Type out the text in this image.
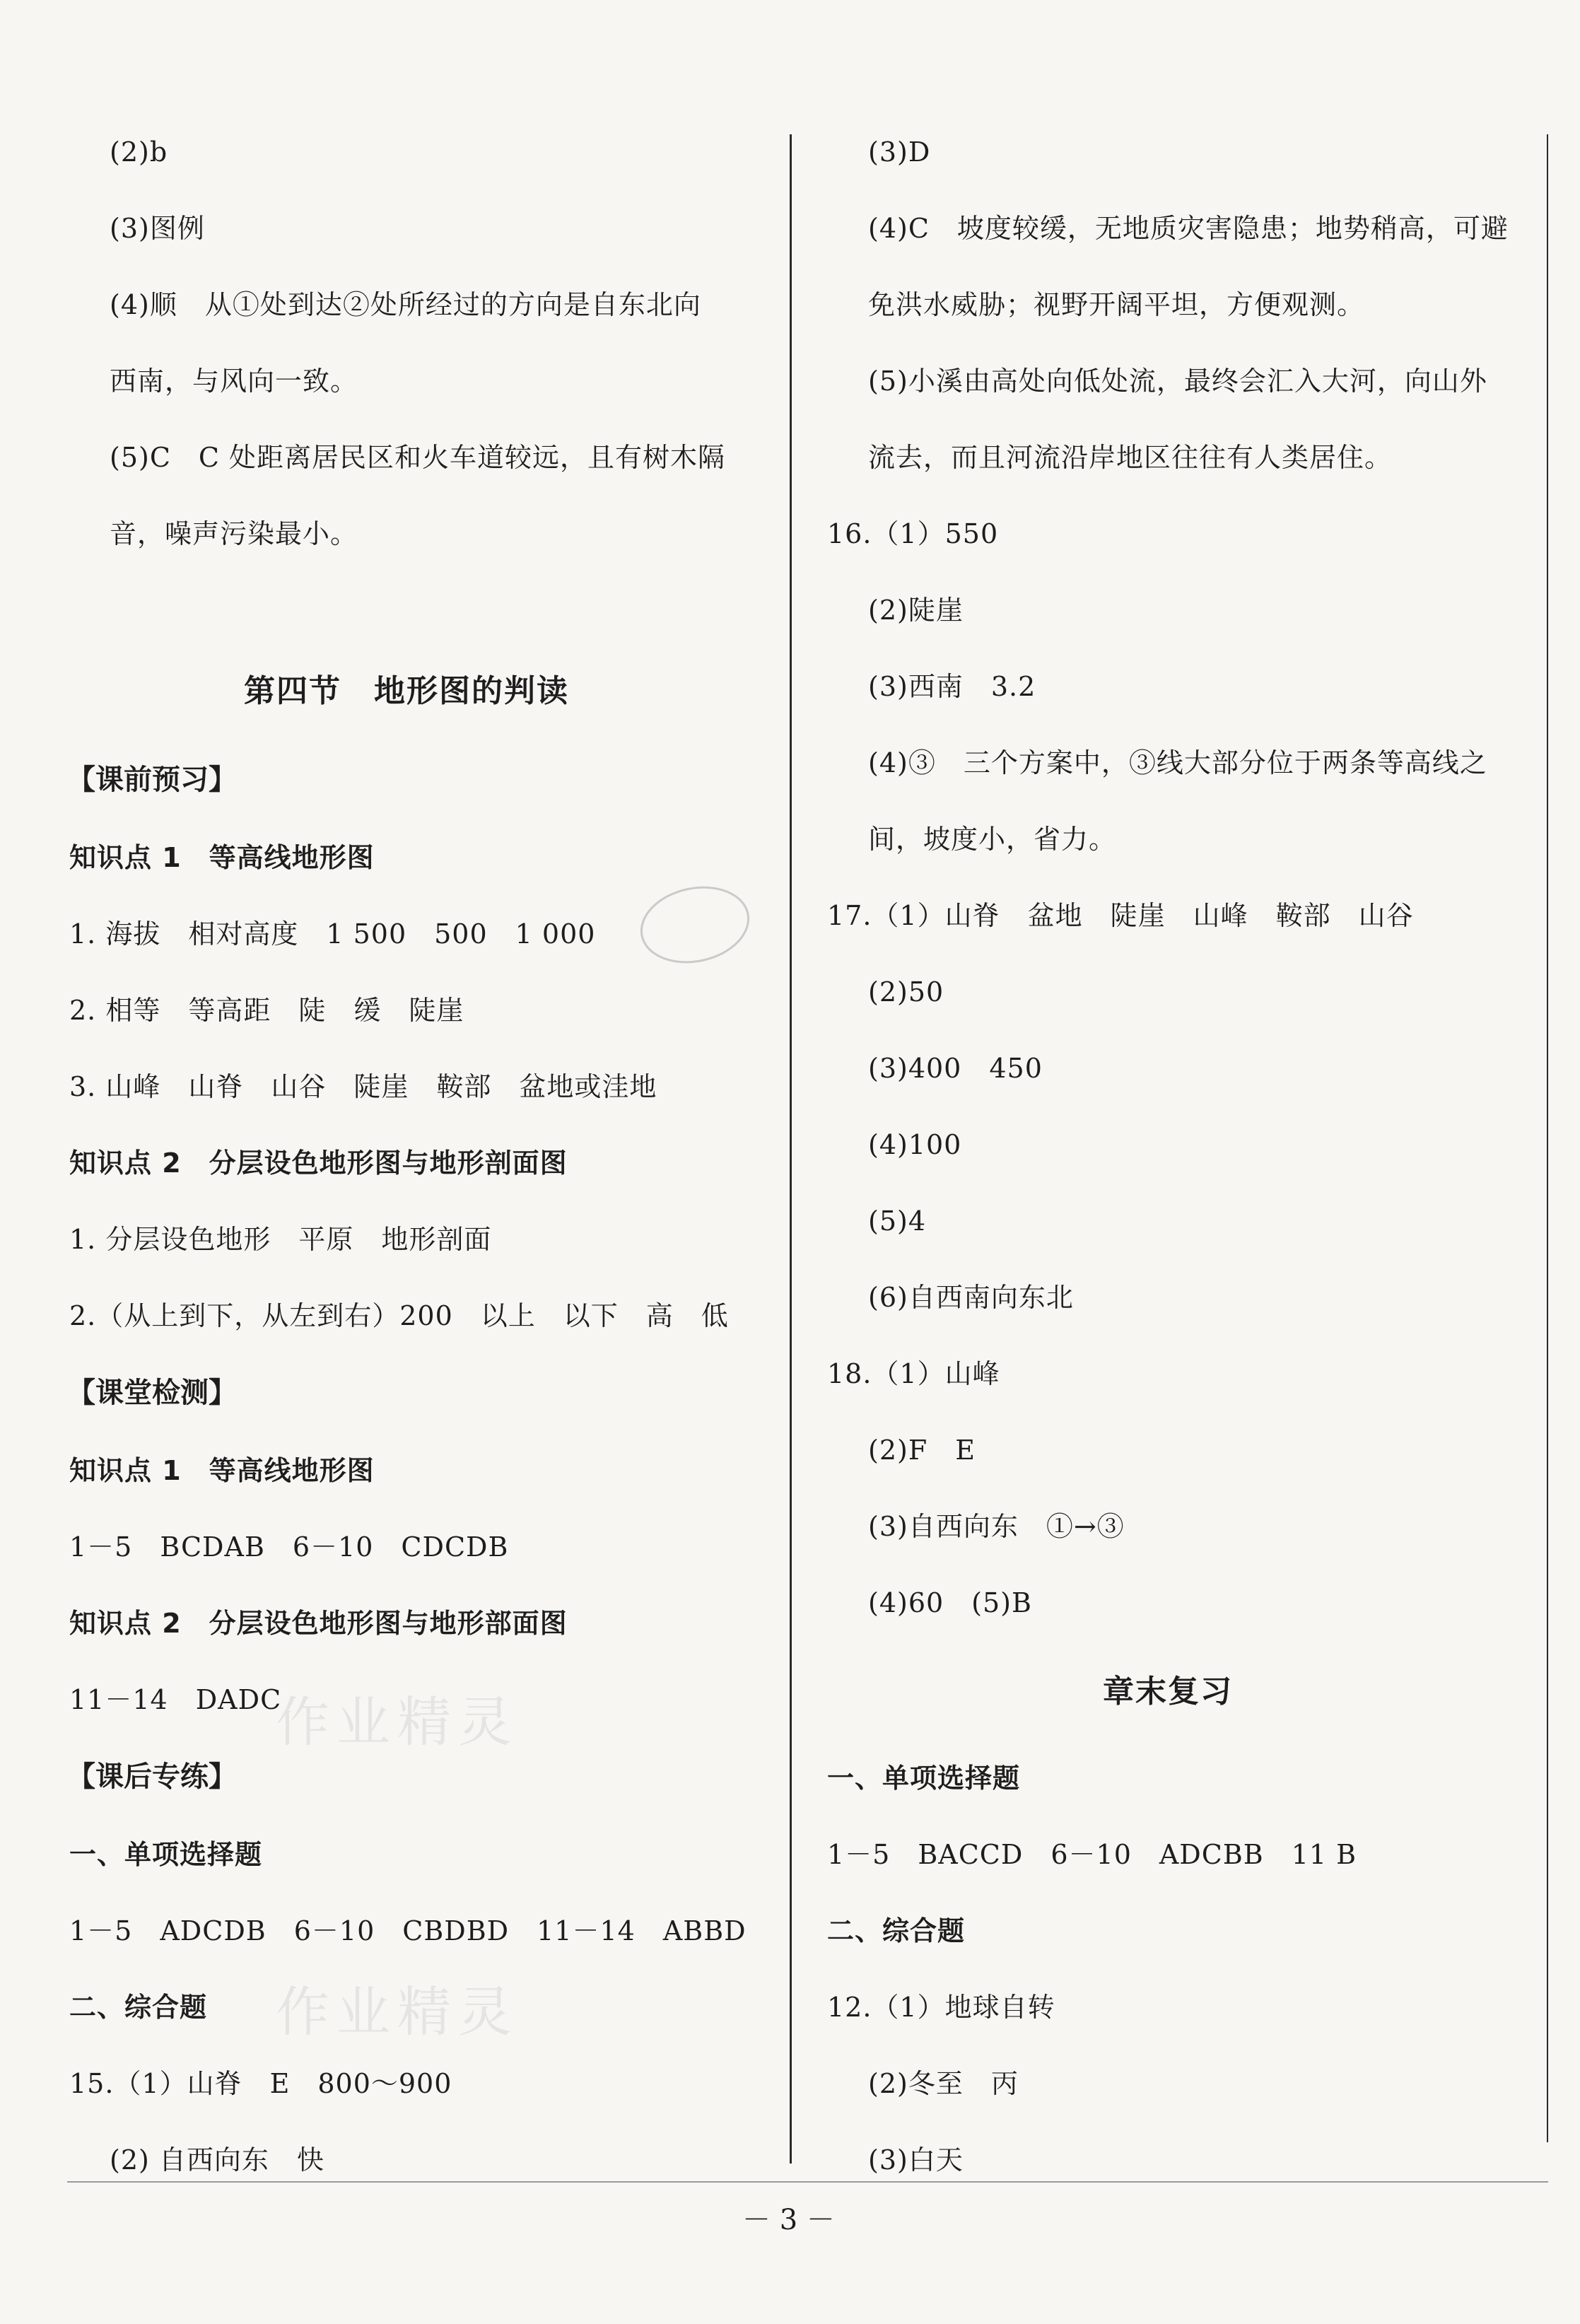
(2)b
(3)图例
(4)顺　从①处到达②处所经过的方向是自东北向
西南，与风向一致。
(5)C　C 处距离居民区和火车道较远，且有树木隔
音，噪声污染最小。
第四节　地形图的判读
【课前预习】
知识点 1　等高线地形图
1. 海拔　相对高度　1 500　500　1 000
2. 相等　等高距　陡　缓　陡崖
3. 山峰　山脊　山谷　陡崖　鞍部　盆地或洼地
知识点 2　分层设色地形图与地形剖面图
1. 分层设色地形　平原　地形剖面
2.（从上到下，从左到右）200　以上　以下　高　低
【课堂检测】
知识点 1　等高线地形图
1－5　BCDAB　6－10　CDCDB
知识点 2　分层设色地形图与地形部面图
11－14　DADC
【课后专练】
一、单项选择题
1－5　ADCDB　6－10　CBDBD　11－14　ABBD
二、综合题
15.（1）山脊　E　800～900
(2) 自西向东　快
作业精灵
作业精灵
(3)D
(4)C　坡度较缓，无地质灾害隐患；地势稍高，可避
免洪水威胁；视野开阔平坦，方便观测。
(5)小溪由高处向低处流，最终会汇入大河，向山外
流去，而且河流沿岸地区往往有人类居住。
16.（1）550
(2)陡崖
(3)西南　3.2
(4)③　三个方案中，③线大部分位于两条等高线之
间，坡度小，省力。
17.（1）山脊　盆地　陡崖　山峰　鞍部　山谷
(2)50
(3)400　450
(4)100
(5)4
(6)自西南向东北
18.（1）山峰
(2)F　E
(3)自西向东　①→③
(4)60　(5)B
章末复习
一、单项选择题
1－5　BACCD　6－10　ADCBB　11 B
二、综合题
12.（1）地球自转
(2)冬至　丙
(3)白天
－ 3 －
